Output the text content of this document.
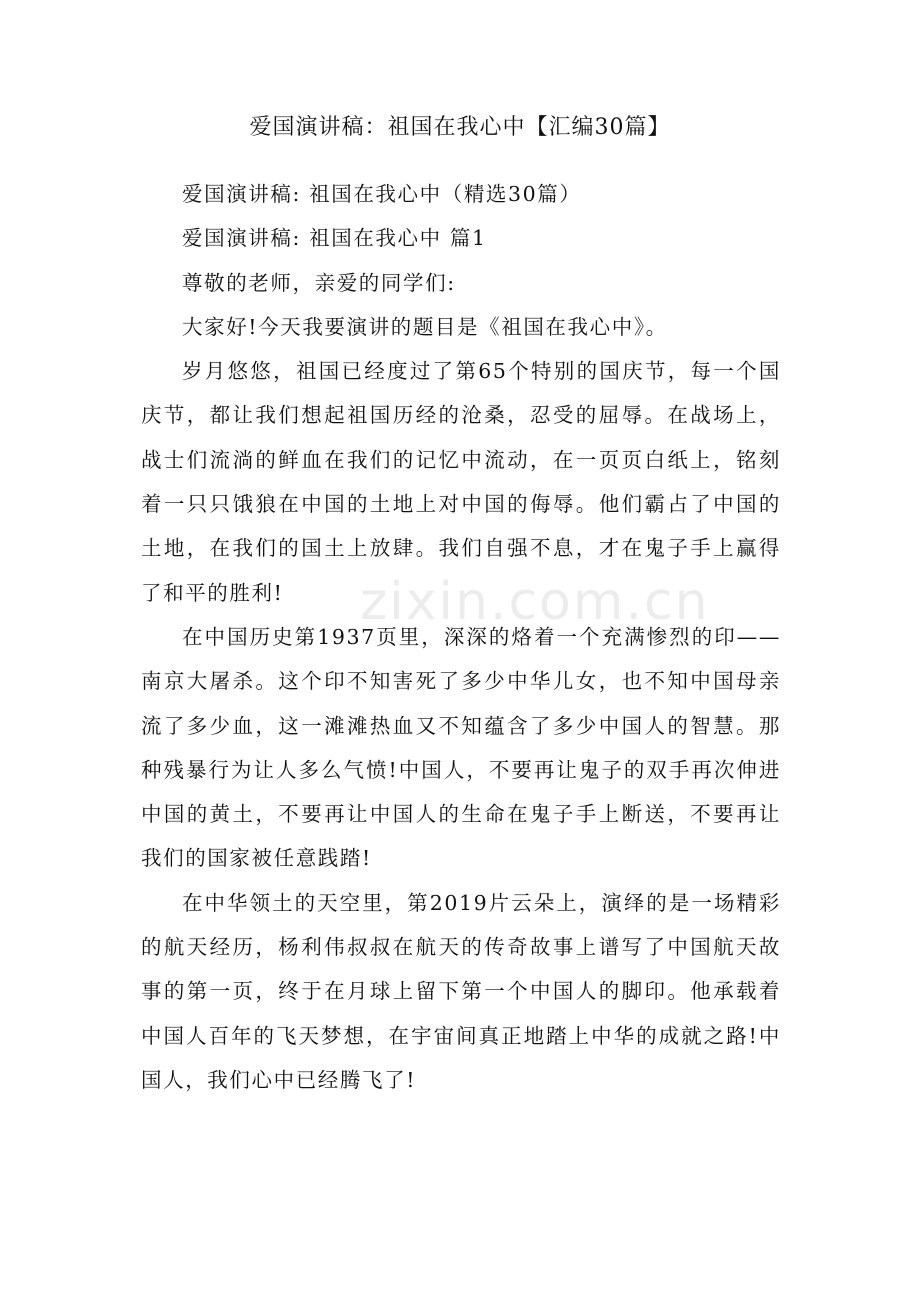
爱国演讲稿：祖国在我心中【汇编30篇】

爱国演讲稿: 祖国在我心中（精选30篇）

爱国演讲稿: 祖国在我心中 篇1

尊敬的老师，亲爱的同学们:

大家好!今天我要演讲的题目是《祖国在我心中》。

岁月悠悠，祖国已经度过了第65个特别的国庆节，每一个国庆节，都让我们想起祖国历经的沧桑，忍受的屈辱。在战场上，战士们流淌的鲜血在我们的记忆中流动，在一页页白纸上，铭刻着一只只饿狼在中国的土地上对中国的侮辱。他们霸占了中国的土地，在我们的国土上放肆。我们自强不息，才在鬼子手上赢得了和平的胜利!

在中国历史第1937页里，深深的烙着一个充满惨烈的印——南京大屠杀。这个印不知害死了多少中华儿女，也不知中国母亲流了多少血，这一滩滩热血又不知蕴含了多少中国人的智慧。那种残暴行为让人多么气愤!中国人，不要再让鬼子的双手再次伸进中国的黄土，不要再让中国人的生命在鬼子手上断送，不要再让我们的国家被任意践踏!

在中华领土的天空里，第2019片云朵上，演绎的是一场精彩的航天经历，杨利伟叔叔在航天的传奇故事上谱写了中国航天故事的第一页，终于在月球上留下第一个中国人的脚印。他承载着中国人百年的飞天梦想，在宇宙间真正地踏上中华的成就之路!中国人，我们心中已经腾飞了!

zixin.com.cn
